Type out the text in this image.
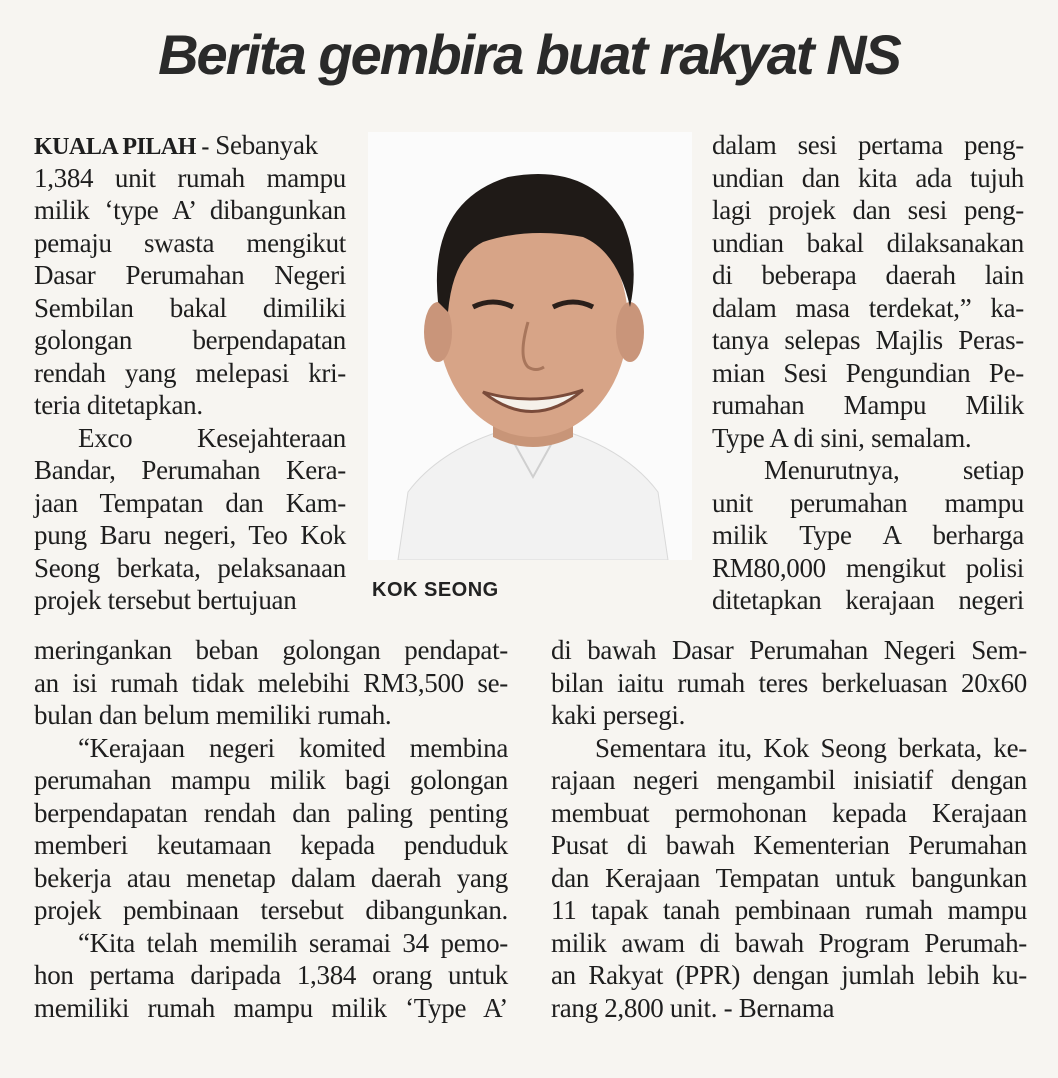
Berita gembira buat rakyat NS
KUALA PILAH - Sebanyak
1,384 unit rumah mampu
milik ‘type A’ dibangunkan
pemaju swasta mengikut
Dasar Perumahan Negeri
Sembilan bakal dimiliki
golongan berpendapatan
rendah yang melepasi kri-
teria ditetapkan.
Exco Kesejahteraan
Bandar, Perumahan Kera-
jaan Tempatan dan Kam-
pung Baru negeri, Teo Kok
Seong berkata, pelaksanaan
projek tersebut bertujuan	KOK SEONG
dalam sesi pertama peng-
undian dan kita ada tujuh
lagi projek dan sesi peng-
undian bakal dilaksanakan
di beberapa daerah lain
dalam masa terdekat,” ka-
tanya selepas Majlis Peras-
mian Sesi Pengundian Pe-
rumahan Mampu Milik
Type A di sini, semalam.
Menurutnya, setiap
unit perumahan mampu
milik Type A berharga
RM80,000 mengikut polisi
ditetapkan kerajaan negeri
meringankan beban golongan pendapat-
an isi rumah tidak melebihi RM3,500 se-
bulan dan belum memiliki rumah.
“Kerajaan negeri komited membina
perumahan mampu milik bagi golongan
berpendapatan rendah dan paling penting
memberi keutamaan kepada penduduk
bekerja atau menetap dalam daerah yang
projek pembinaan tersebut dibangunkan.
“Kita telah memilih seramai 34 pemo-
hon pertama daripada 1,384 orang untuk
memiliki rumah mampu milik ‘Type A’
di bawah Dasar Perumahan Negeri Sem-
bilan iaitu rumah teres berkeluasan 20x60
kaki persegi.
Sementara itu, Kok Seong berkata, ke-
rajaan negeri mengambil inisiatif dengan
membuat permohonan kepada Kerajaan
Pusat di bawah Kementerian Perumahan
dan Kerajaan Tempatan untuk bangunkan
11 tapak tanah pembinaan rumah mampu
milik awam di bawah Program Perumah-
an Rakyat (PPR) dengan jumlah lebih ku-
rang 2,800 unit. - Bernama
